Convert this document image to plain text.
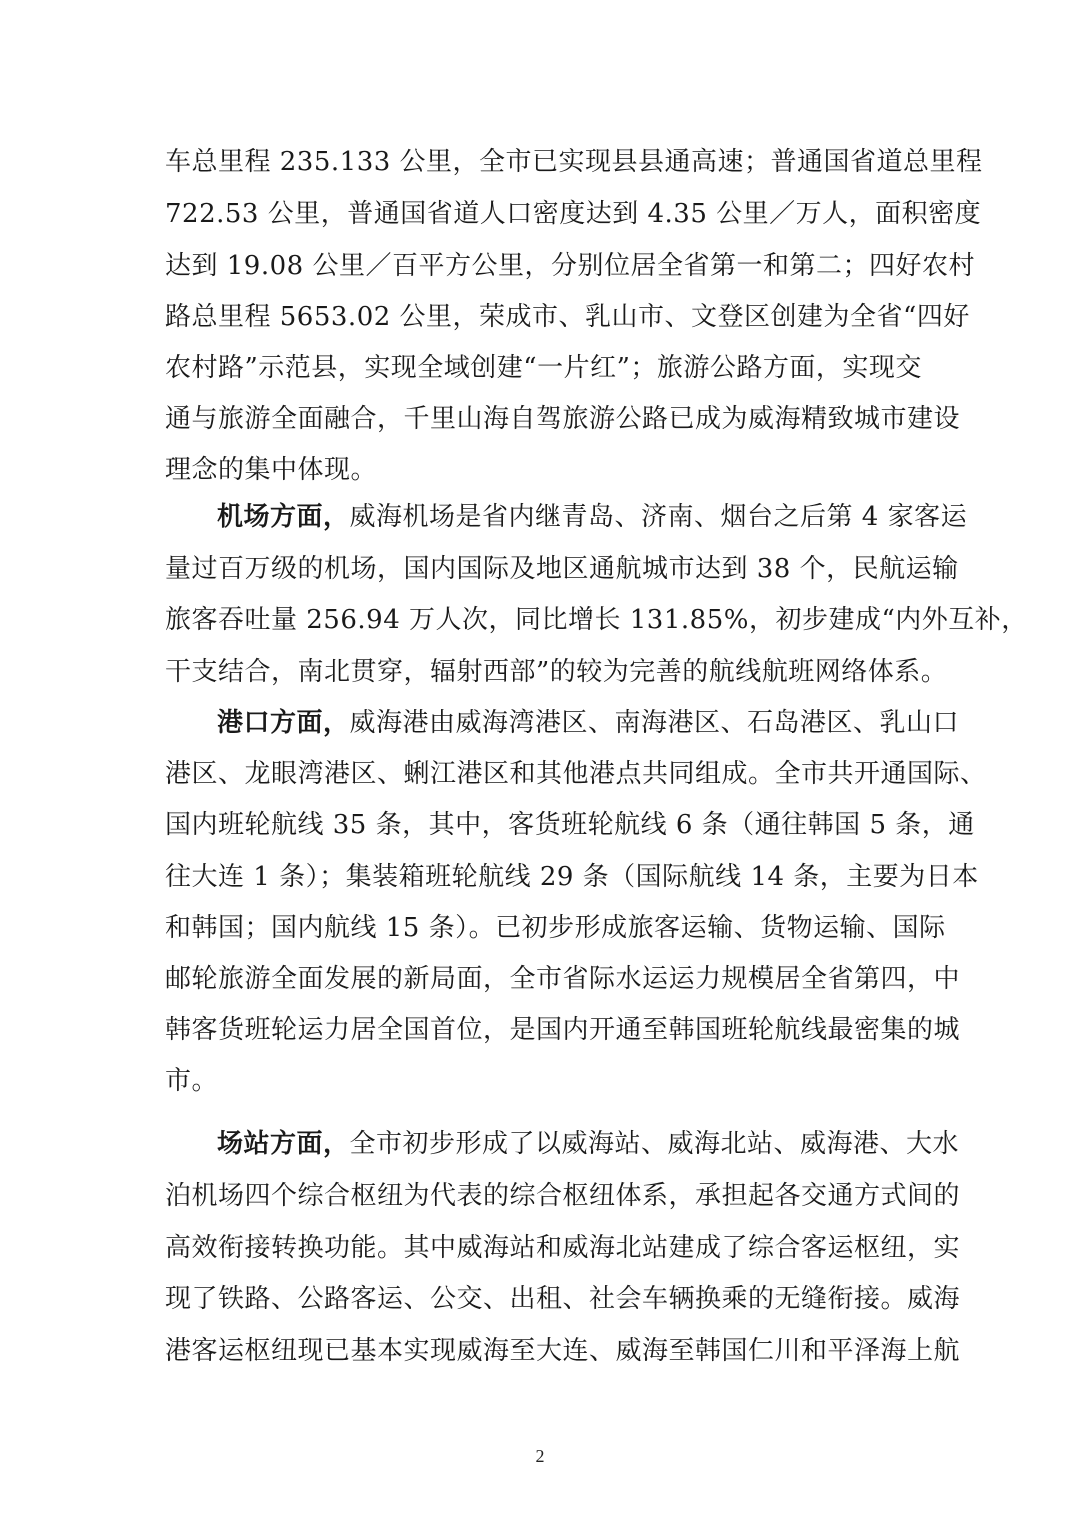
车总里程 235.133 公里，全市已实现县县通高速；普通国省道总里程
722.53 公里，普通国省道人口密度达到 4.35 公里／万人，面积密度
达到 19.08 公里／百平方公里，分别位居全省第一和第二；四好农村
路总里程 5653.02 公里，荣成市、乳山市、文登区创建为全省“四好
农村路”示范县，实现全域创建“一片红”；旅游公路方面，实现交
通与旅游全面融合，千里山海自驾旅游公路已成为威海精致城市建设
理念的集中体现。
机场方面，威海机场是省内继青岛、济南、烟台之后第 4 家客运
量过百万级的机场，国内国际及地区通航城市达到 38 个，民航运输
旅客吞吐量 256.94 万人次，同比增长 131.85%，初步建成“内外互补，
干支结合，南北贯穿，辐射西部”的较为完善的航线航班网络体系。
港口方面，威海港由威海湾港区、南海港区、石岛港区、乳山口
港区、龙眼湾港区、蜊江港区和其他港点共同组成。全市共开通国际、
国内班轮航线 35 条，其中，客货班轮航线 6 条（通往韩国 5 条，通
往大连 1 条）；集装箱班轮航线 29 条（国际航线 14 条，主要为日本
和韩国；国内航线 15 条）。已初步形成旅客运输、货物运输、国际
邮轮旅游全面发展的新局面，全市省际水运运力规模居全省第四，中
韩客货班轮运力居全国首位，是国内开通至韩国班轮航线最密集的城
市。
场站方面，全市初步形成了以威海站、威海北站、威海港、大水
泊机场四个综合枢纽为代表的综合枢纽体系，承担起各交通方式间的
高效衔接转换功能。其中威海站和威海北站建成了综合客运枢纽，实
现了铁路、公路客运、公交、出租、社会车辆换乘的无缝衔接。威海
港客运枢纽现已基本实现威海至大连、威海至韩国仁川和平泽海上航
2
